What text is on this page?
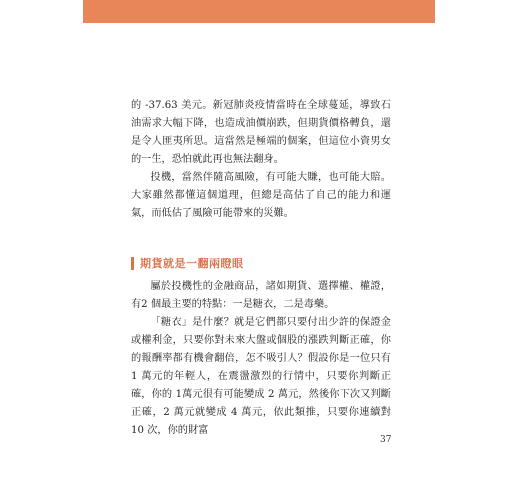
的 -37.63 美元。新冠肺炎疫情當時在全球蔓延，導致石油需求大幅下降，也造成油價崩跌，但期貨價格轉負，還是令人匪夷所思。這當然是極端的個案，但這位小資男女的一生，恐怕就此再也無法翻身。
投機，當然伴隨高風險，有可能大賺，也可能大賠。大家雖然都懂這個道理，但總是高估了自己的能力和運氣，而低估了風險可能帶來的災難。
期貨就是一翻兩瞪眼
屬於投機性的金融商品，諸如期貨、選擇權、權證，有2 個最主要的特點：一是糖衣，二是毒藥。
「糖衣」是什麼？就是它們都只要付出少許的保證金或權利金，只要你對未來大盤或個股的漲跌判斷正確，你的報酬率都有機會翻倍，怎不吸引人？假設你是一位只有 1 萬元的年輕人，在震盪激烈的行情中，只要你判斷正確，你的 1萬元很有可能變成 2 萬元，然後你下次又判斷正確，2 萬元就變成 4 萬元，依此類推，只要你連續對 10 次，你的財富
37
